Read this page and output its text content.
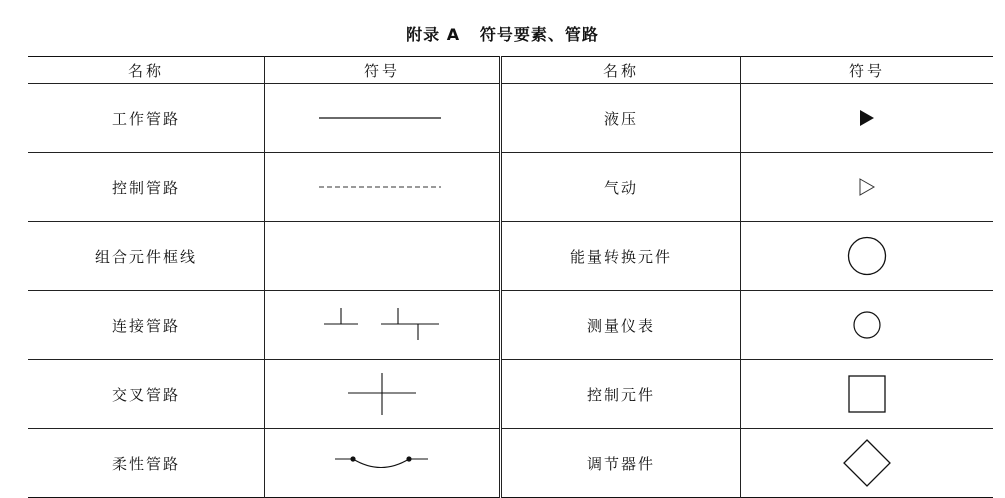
附录 A   符号要素、管路
名称	符号	名称	符号
工作管路		液压	

控制管路		气动	

组合元件框线		能量转换元件	

连接管路		测量仪表	

交叉管路		控制元件	

柔性管路		调节器件	
